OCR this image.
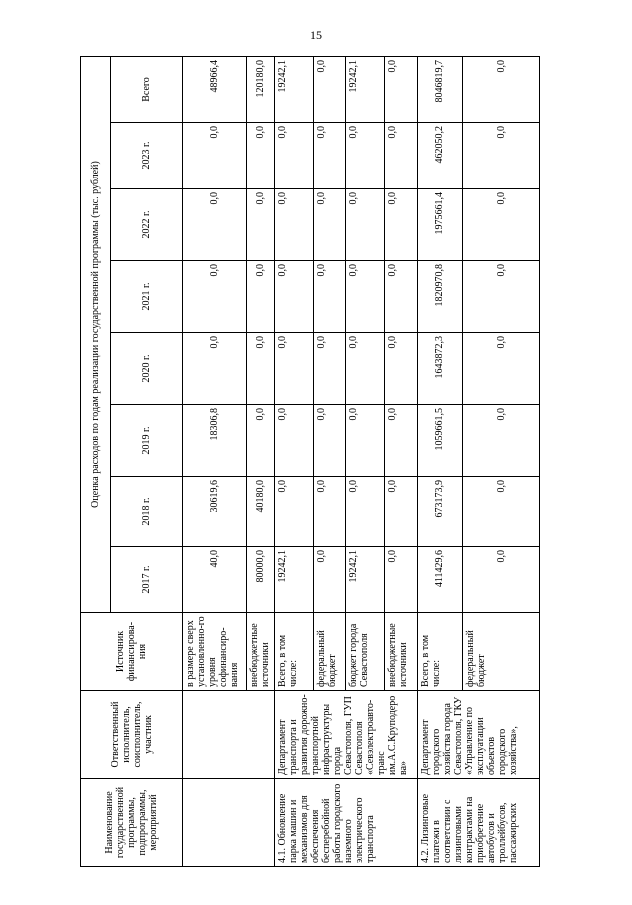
15
Наименование государственной программы, подпрограммы, мероприятий	Ответственный исполнитель, соисполнитель, участник	Источник финансирова-ния	Оценка расходов по годам реализации государственной программы (тыс. рублей)							
			2017 г.	2018 г.	2019 г.	2020 г.	2021 г.	2022 г.	2023 г.	Всего
		в размере сверх установленно-го уровня софинансиро-вания	40,0	30619,6	18306,8	0,0	0,0	0,0	0,0	48966,4
		внебюджетные источники	80000,0	40180,0	0,0	0,0	0,0	0,0	0,0	120180,0
4.1. Обновление парка машин и механизмов для обеспечения бесперебойной работы городского наземного электрического транспорта	Департамент транспорта и развития дорожно-транспортной инфраструктуры города Севастополя, ГУП Севастополя «Севэлектроавто-транс им.А.С.Круподерова»	Всего, в том числе:	19242,1	0,0	0,0	0,0	0,0	0,0	0,0	19242,1
		федеральный бюджет	0,0	0,0	0,0	0,0	0,0	0,0	0,0	0,0
		бюджет города Севастополя	19242,1	0,0	0,0	0,0	0,0	0,0	0,0	19242,1
		внебюджетные источники	0,0	0,0	0,0	0,0	0,0	0,0	0,0	0,0
4.2. Лизинговые платежи в соответствии с лизинговыми контрактами на приобретение автобусов и троллейбусов, пассажирских	Департамент городского хозяйства города Севастополя, ГКУ «Управление по эксплуатации объектов городского хозяйства»,	Всего, в том числе:	411429,6	673173,9	1059661,5	1643872,3	1820970,8	1975661,4	462050,2	8046819,7
		федеральный бюджет	0,0	0,0	0,0	0,0	0,0	0,0	0,0	0,0
